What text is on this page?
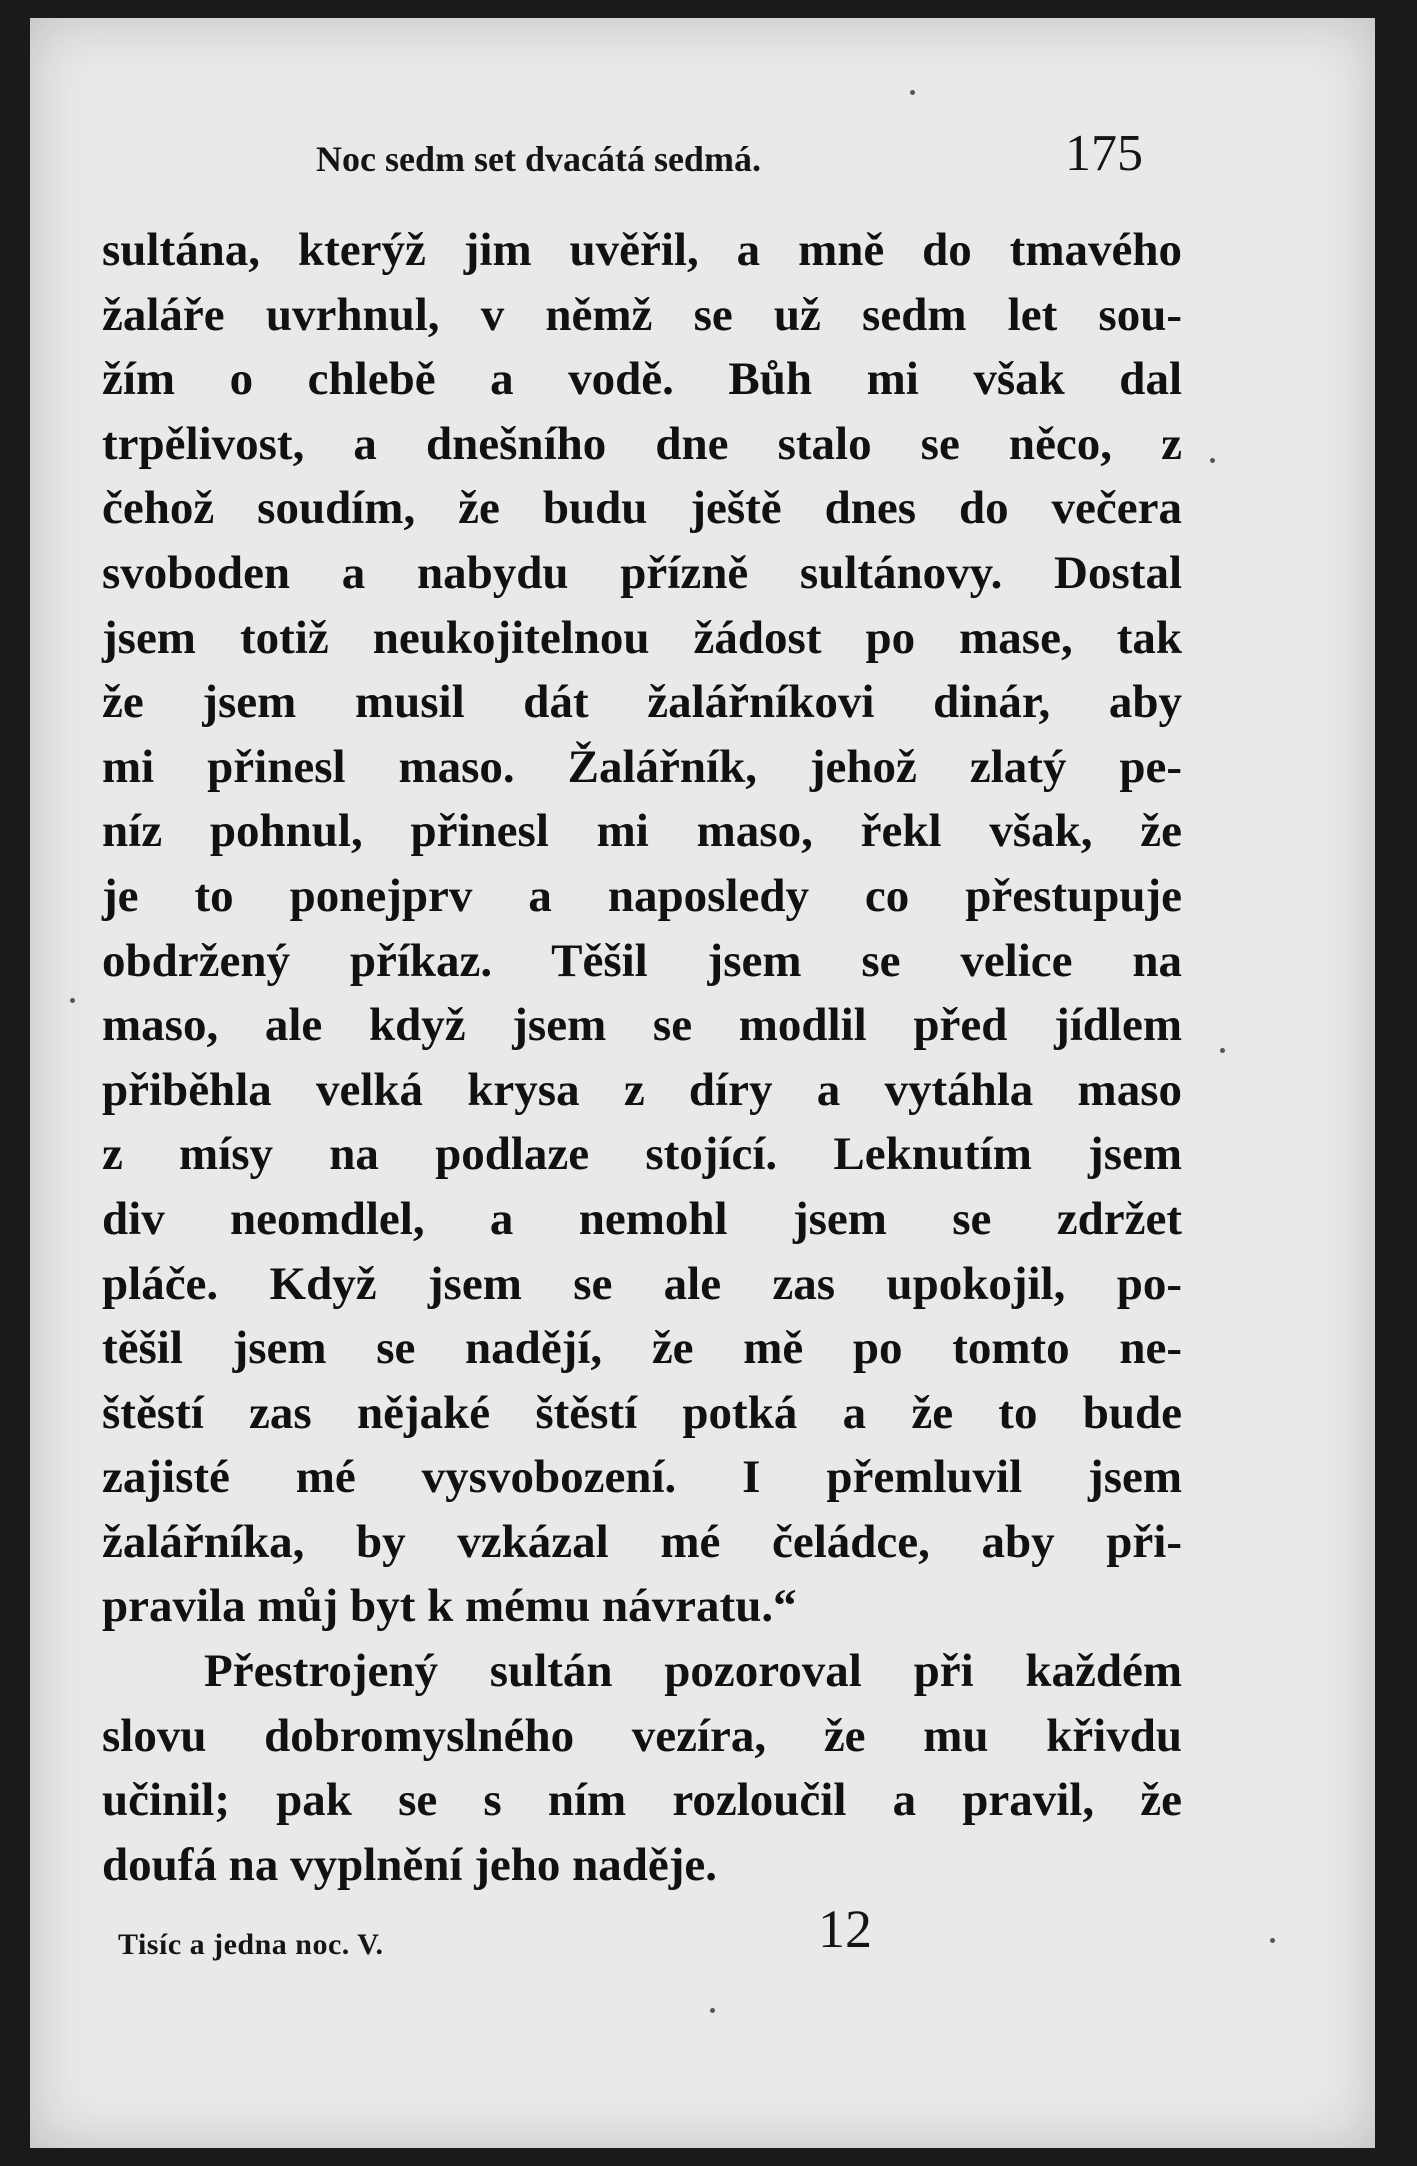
Noc sedm set dvacátá sedmá.	175
sultána, kterýž jim uvěřil, a mně do tmavého
žaláře uvrhnul, v němž se už sedm let sou-
žím o chlebě a vodě. Bůh mi však dal
trpělivost, a dnešního dne stalo se něco, z
čehož soudím, že budu ještě dnes do večera
svoboden a nabydu přízně sultánovy. Dostal
jsem totiž neukojitelnou žádost po mase, tak
že jsem musil dát žalářníkovi dinár, aby
mi přinesl maso. Žalářník, jehož zlatý pe-
níz pohnul, přinesl mi maso, řekl však, že
je to ponejprv a naposledy co přestupuje
obdržený příkaz. Těšil jsem se velice na
maso, ale když jsem se modlil před jídlem
přiběhla velká krysa z díry a vytáhla maso
z mísy na podlaze stojící. Leknutím jsem
div neomdlel, a nemohl jsem se zdržet
pláče. Když jsem se ale zas upokojil, po-
těšil jsem se nadějí, že mě po tomto ne-
štěstí zas nějaké štěstí potká a že to bude
zajisté mé vysvobození. I přemluvil jsem
žalářníka, by vzkázal mé čeládce, aby při-
pravila můj byt k mému návratu.“
Přestrojený sultán pozoroval při každém
slovu dobromyslného vezíra, že mu křivdu
učinil; pak se s ním rozloučil a pravil, že
doufá na vyplnění jeho naděje.
Tisíc a jedna noc. V.	12
